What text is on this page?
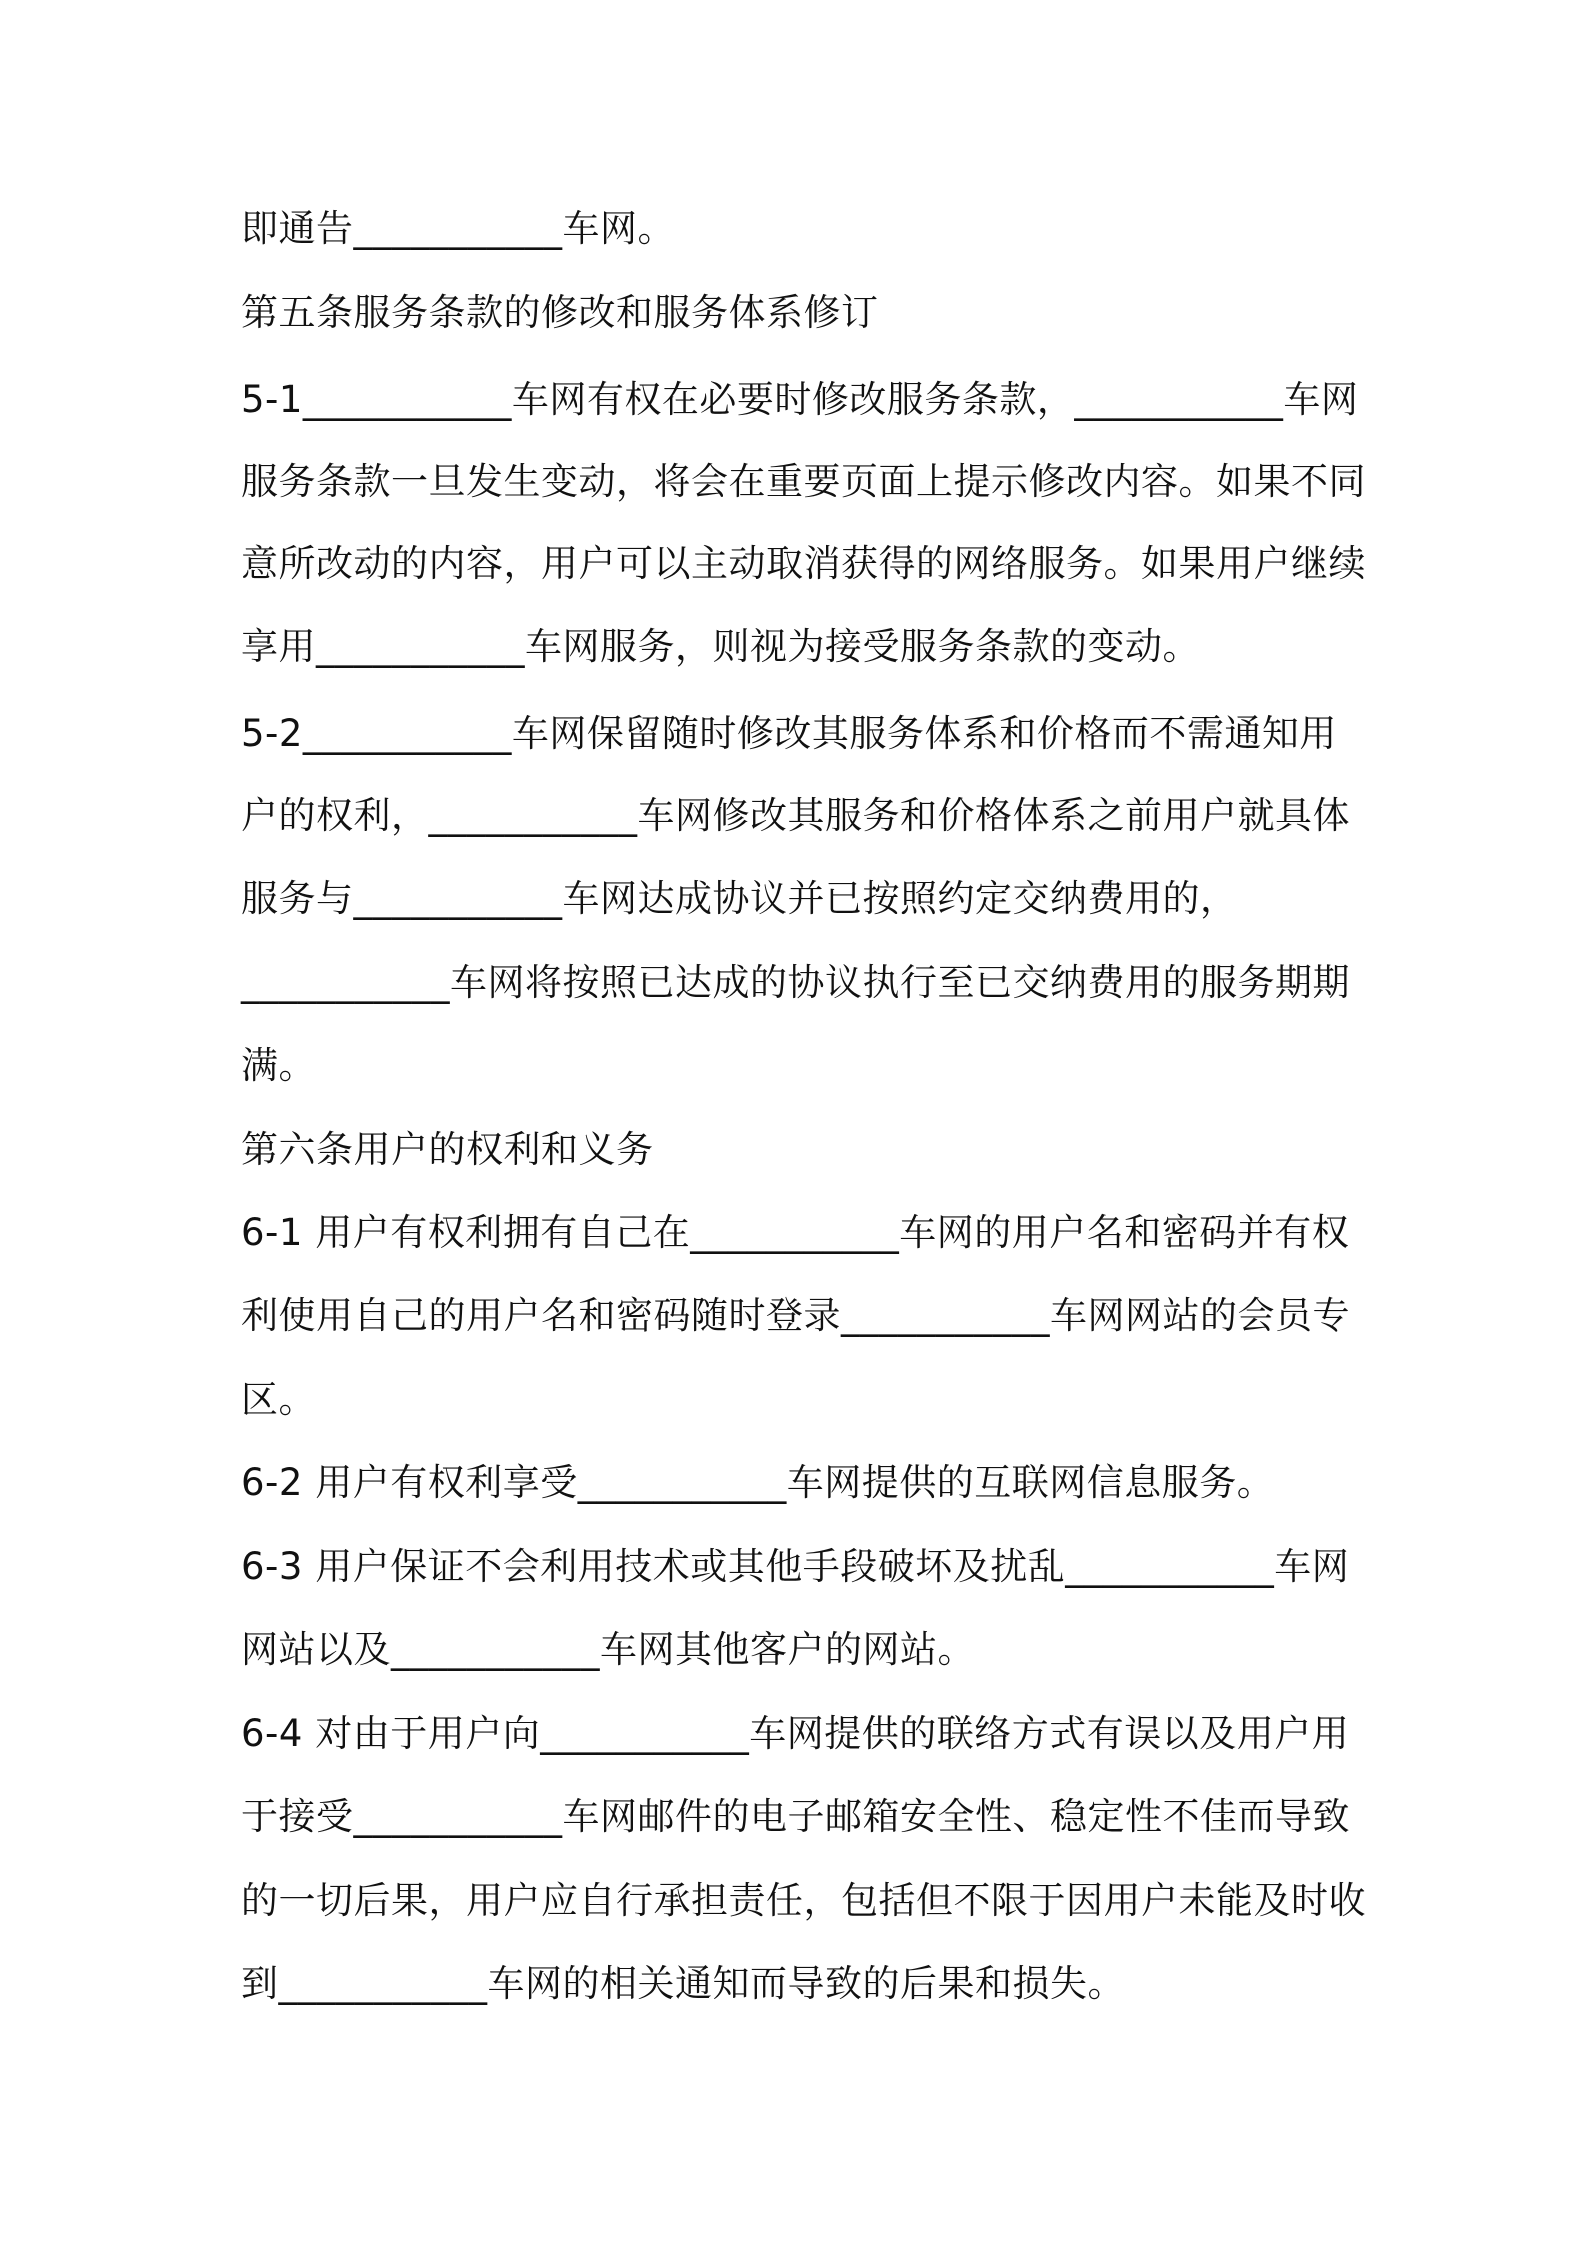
即通告___________车网。
第五条服务条款的修改和服务体系修订
5-1___________车网有权在必要时修改服务条款，___________车网
服务条款一旦发生变动，将会在重要页面上提示修改内容。如果不同
意所改动的内容，用户可以主动取消获得的网络服务。如果用户继续
享用___________车网服务，则视为接受服务条款的变动。
5-2___________车网保留随时修改其服务体系和价格而不需通知用
户的权利，___________车网修改其服务和价格体系之前用户就具体
服务与___________车网达成协议并已按照约定交纳费用的，
___________车网将按照已达成的协议执行至已交纳费用的服务期期
满。
第六条用户的权利和义务
6-1 用户有权利拥有自己在___________车网的用户名和密码并有权
利使用自己的用户名和密码随时登录___________车网网站的会员专
区。
6-2 用户有权利享受___________车网提供的互联网信息服务。
6-3 用户保证不会利用技术或其他手段破坏及扰乱___________车网
网站以及___________车网其他客户的网站。
6-4 对由于用户向___________车网提供的联络方式有误以及用户用
于接受___________车网邮件的电子邮箱安全性、稳定性不佳而导致
的一切后果，用户应自行承担责任，包括但不限于因用户未能及时收
到___________车网的相关通知而导致的后果和损失。
